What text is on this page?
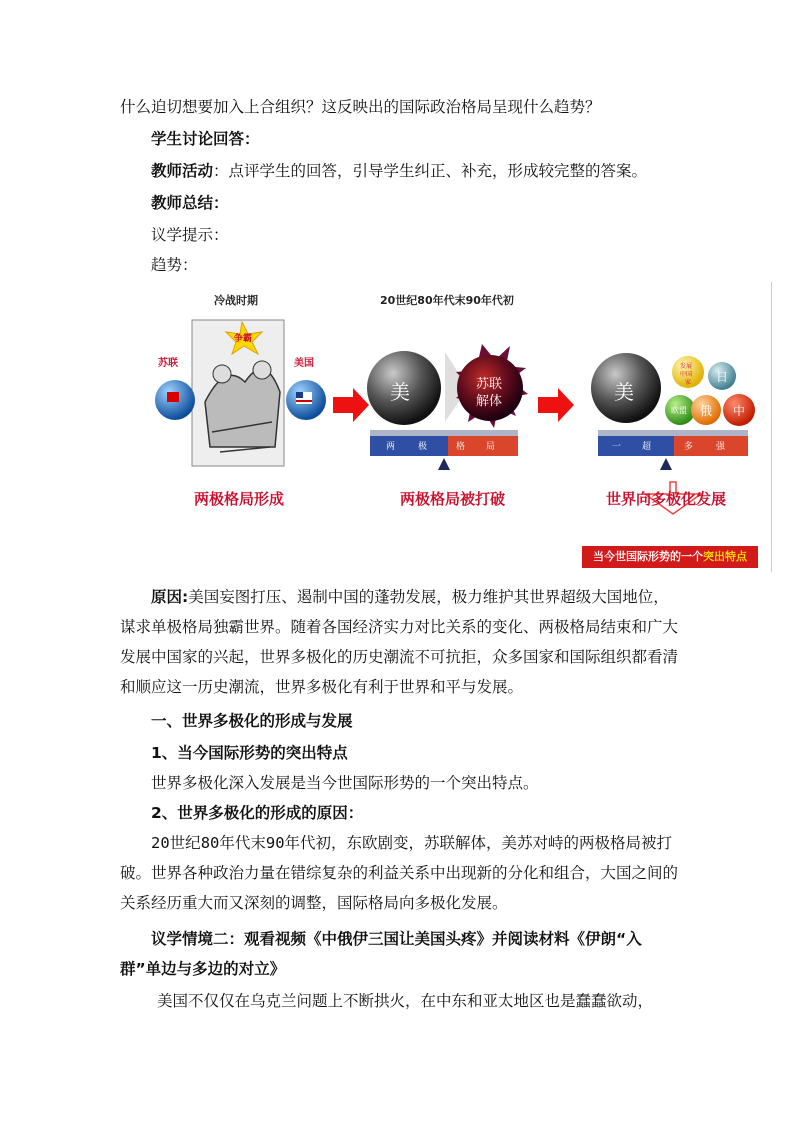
什么迫切想要加入上合组织？这反映出的国际政治格局呈现什么趋势？

学生讨论回答：

教师活动：点评学生的回答，引导学生纠正、补充，形成较完整的答案。

教师总结：

议学提示：

趋势：

冷战时期	20世纪80年代末90年代初
苏联	美国
争霸
美	苏联
解体
两	极	格 局
美
发展
中国
家 日
欧盟 俄 中
一 超	多	强
两极格局形成	两极格局被打破	世界向多极化发展
当今世国际形势的一个突出特点

原因:美国妄图打压、遏制中国的蓬勃发展，极力维护其世界超级大国地位，谋求单极格局独霸世界。随着各国经济实力对比关系的变化、两极格局结束和广大发展中国家的兴起，世界多极化的历史潮流不可抗拒，众多国家和国际组织都看清和顺应这一历史潮流，世界多极化有利于世界和平与发展。

一、世界多极化的形成与发展

1、当今国际形势的突出特点

世界多极化深入发展是当今世国际形势的一个突出特点。

2、世界多极化的形成的原因：

20世纪80年代末90年代初，东欧剧变，苏联解体，美苏对峙的两极格局被打破。世界各种政治力量在错综复杂的利益关系中出现新的分化和组合，大国之间的关系经历重大而又深刻的调整，国际格局向多极化发展。

议学情境二：观看视频《中俄伊三国让美国头疼》并阅读材料《伊朗“入群”单边与多边的对立》

美国不仅仅在乌克兰问题上不断拱火，在中东和亚太地区也是蠢蠢欲动，
